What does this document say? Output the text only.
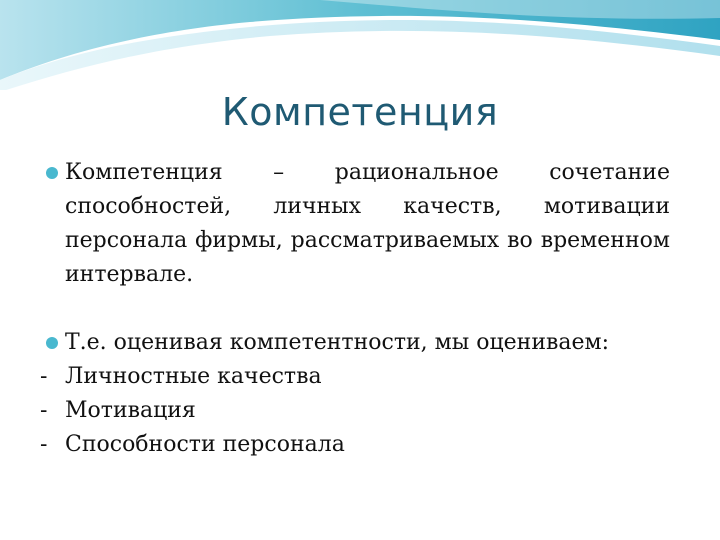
Компетенция
Компетенция – рациональное сочетание способностей, личных качеств, мотивации персонала фирмы, рассматриваемых во временном интервале.
Т.е. оценивая компетентности, мы оцениваем:
- Личностные качества
- Мотивация
- Способности персонала
